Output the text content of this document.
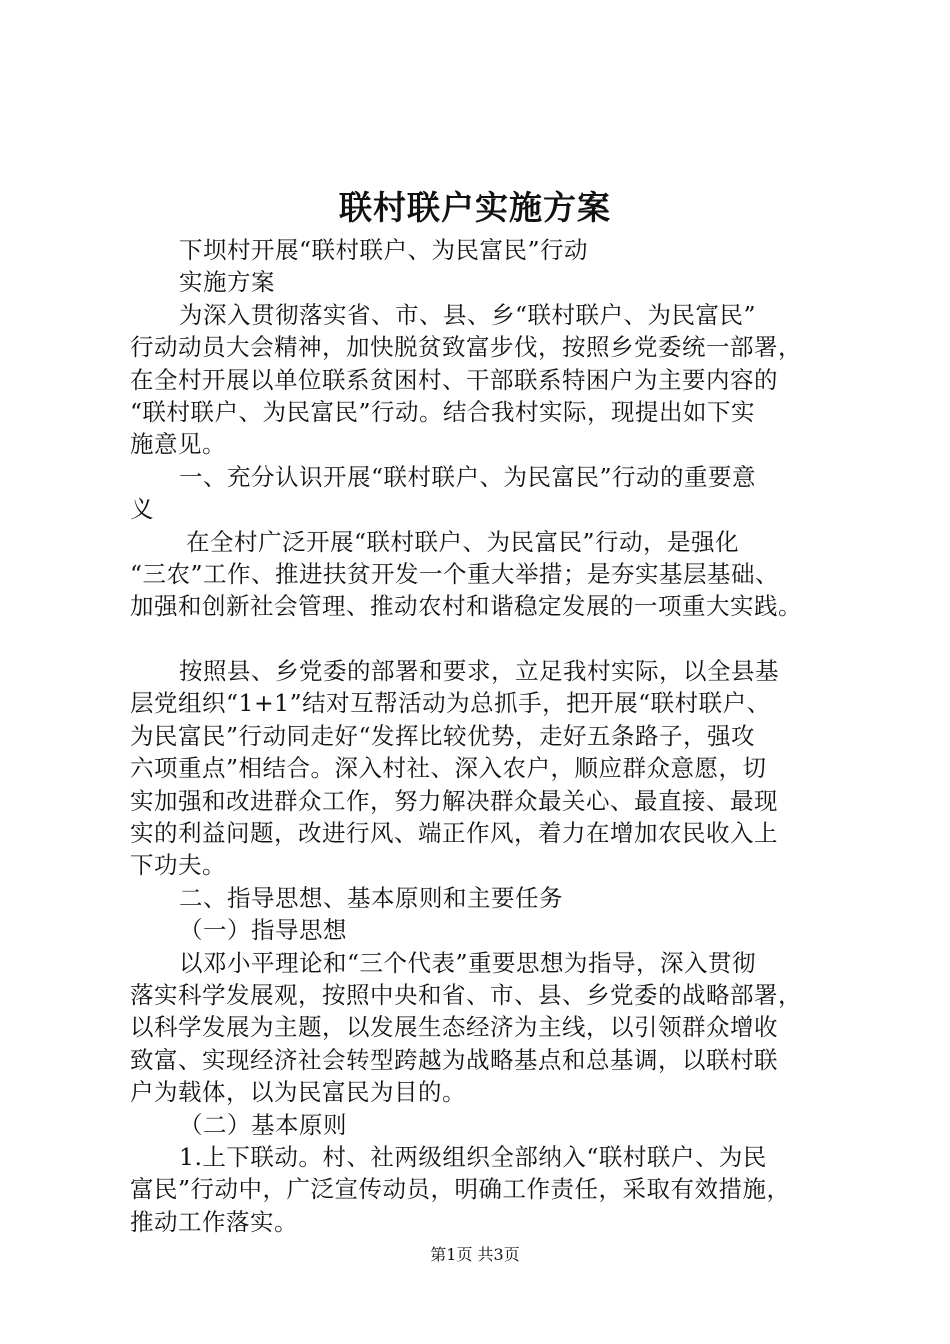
联村联户实施方案
下坝村开展“联村联户、为民富民”行动
实施方案
为深入贯彻落实省、市、县、乡“联村联户、为民富民”
行动动员大会精神，加快脱贫致富步伐，按照乡党委统一部署，
在全村开展以单位联系贫困村、干部联系特困户为主要内容的
“联村联户、为民富民”行动。结合我村实际，现提出如下实
施意见。
一、充分认识开展“联村联户、为民富民”行动的重要意
义
在全村广泛开展“联村联户、为民富民”行动，是强化
“三农”工作、推进扶贫开发一个重大举措；是夯实基层基础、
加强和创新社会管理、推动农村和谐稳定发展的一项重大实践。
按照县、乡党委的部署和要求，立足我村实际，以全县基
层党组织“1+1”结对互帮活动为总抓手，把开展“联村联户、
为民富民”行动同走好“发挥比较优势，走好五条路子，强攻
六项重点”相结合。深入村社、深入农户，顺应群众意愿，切
实加强和改进群众工作，努力解决群众最关心、最直接、最现
实的利益问题，改进行风、端正作风，着力在增加农民收入上
下功夫。
二、指导思想、基本原则和主要任务
（一）指导思想
以邓小平理论和“三个代表”重要思想为指导，深入贯彻
落实科学发展观，按照中央和省、市、县、乡党委的战略部署，
以科学发展为主题，以发展生态经济为主线，以引领群众增收
致富、实现经济社会转型跨越为战略基点和总基调，以联村联
户为载体，以为民富民为目的。
（二）基本原则
1.上下联动。村、社两级组织全部纳入“联村联户、为民
富民”行动中，广泛宣传动员，明确工作责任，采取有效措施，
推动工作落实。
第1页 共3页
